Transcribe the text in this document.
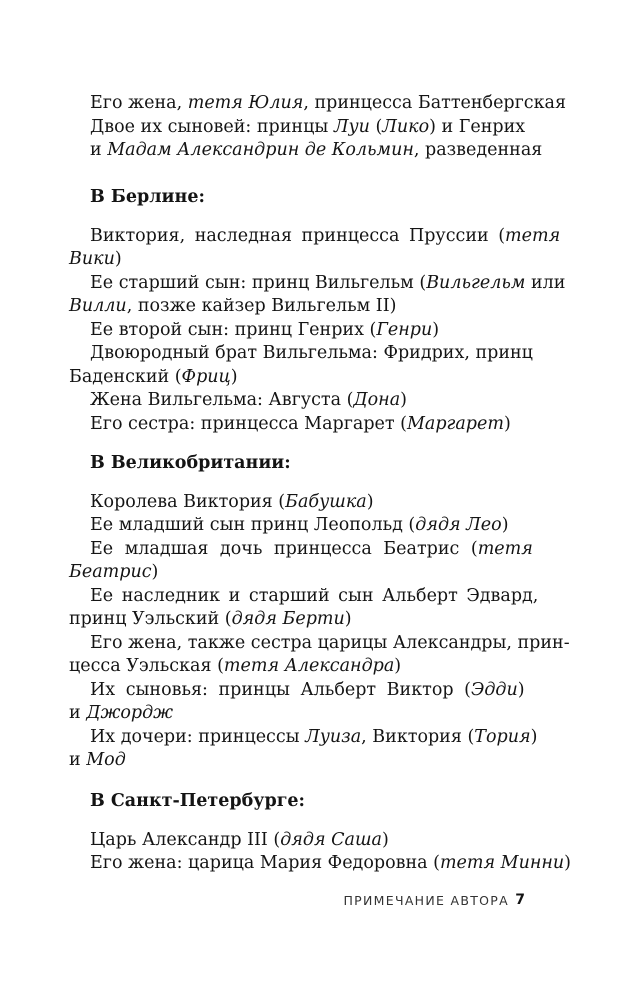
Его жена, тетя Юлия, принцесса Баттенбергская

Двое их сыновей: принцы Луи (Лико) и Генрих
и Мадам Александрин де Кольмин, разведенная

В Берлине:

Виктория, наследная принцесса Пруссии (тетя
Вики)

Ее старший сын: принц Вильгельм (Вильгельм или
Вилли, позже кайзер Вильгельм II)

Ее второй сын: принц Генрих (Генри)

Двоюродный брат Вильгельма: Фридрих, принц
Баденский (Фриц)

Жена Вильгельма: Августа (Дона)

Его сестра: принцесса Маргарет (Маргарет)

В Великобритании:

Королева Виктория (Бабушка)

Ее младший сын принц Леопольд (дядя Лео)

Ее младшая дочь принцесса Беатрис (тетя
Беатрис)

Ее наследник и старший сын Альберт Эдвард,
принц Уэльский (дядя Берти)

Его жена, также сестра царицы Александры, прин-
цесса Уэльская (тетя Александра)

Их сыновья: принцы Альберт Виктор (Эдди)
и Джордж

Их дочери: принцессы Луиза, Виктория (Тория)
и Мод

В Санкт-Петербурге:

Царь Александр III (дядя Саша)

Его жена: царица Мария Федоровна (тетя Минни)

ПРИМЕЧАНИЕ АВТОРА 7
